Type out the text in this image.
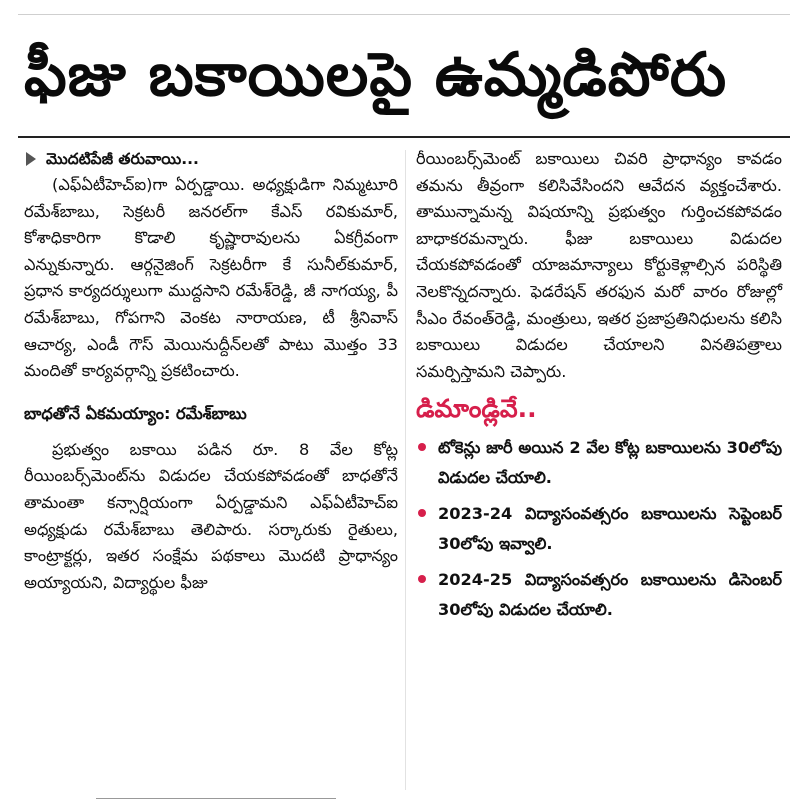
ఫీజు బకాయిలపై ఉమ్మడిపోరు
మొదటిపేజీ తరువాయి...

(ఎఫ్ఏటీహెచ్ఐ)గా ఏర్పడ్డాయి. అధ్యక్షుడిగా నిమ్మటూరి రమేశ్‌బాబు, సెక్రటరీ జనరల్‌గా కేఎస్ రవికుమార్, కోశాధికారిగా కొడాలి కృష్ణారావులను ఏకగ్రీవంగా ఎన్నుకున్నారు. ఆర్గనైజింగ్ సెక్రటరీగా కే సునీల్‌కుమార్, ప్రధాన కార్యదర్శులుగా ముద్దసాని రమేశ్‌రెడ్డి, జీ నాగయ్య, పీ రమేశ్‌బాబు, గోపగాని వెంకట నారాయణ, టీ శ్రీనివాస్ ఆచార్య, ఎండీ గౌస్ మెయినుద్దీన్‌లతో పాటు మొత్తం 33 మందితో కార్యవర్గాన్ని ప్రకటించారు.

బాధతోనే ఏకమయ్యాం: రమేశ్‌బాబు

ప్రభుత్వం బకాయి పడిన రూ. 8 వేల కోట్ల రీయింబర్స్‌మెంట్‌ను విడుదల చేయకపోవడంతో బాధతోనే తామంతా కన్సార్షియంగా ఏర్పడ్డామని ఎఫ్ఏటీహెచ్ఐ అధ్యక్షుడు రమేశ్‌బాబు తెలిపారు. సర్కారుకు రైతులు, కాంట్రాక్టర్లు, ఇతర సంక్షేమ పథకాలు మొదటి ప్రాధాన్యం అయ్యాయని, విద్యార్థుల ఫీజు

రీయింబర్స్‌మెంట్ బకాయిలు చివరి ప్రాధాన్యం కావడం తమను తీవ్రంగా కలిసివేసిందని ఆవేదన వ్యక్తంచేశారు. తామున్నామన్న విషయాన్ని ప్రభుత్వం గుర్తించకపోవడం బాధాకరమన్నారు. ఫీజు బకాయిలు విడుదల చేయకపోవడంతో యాజమాన్యాలు కోర్టుకెళ్లాల్సిన పరిస్థితి నెలకొన్నదన్నారు. ఫెడరేషన్ తరఫున మరో వారం రోజుల్లో సీఎం రేవంత్‌రెడ్డి, మంత్రులు, ఇతర ప్రజాప్రతినిధులను కలిసి బకాయిలు విడుదల చేయాలని వినతిపత్రాలు సమర్పిస్తామని చెప్పారు.

డిమాండ్లివే..
టోకెన్లు జారీ అయిన 2 వేల కోట్ల బకాయిలను 30లోపు విడుదల చేయాలి.
2023-24 విద్యాసంవత్సరం బకాయిలను సెప్టెంబర్ 30లోపు ఇవ్వాలి.
2024-25 విద్యాసంవత్సరం బకాయిలను డిసెంబర్ 30లోపు విడుదల చేయాలి.
